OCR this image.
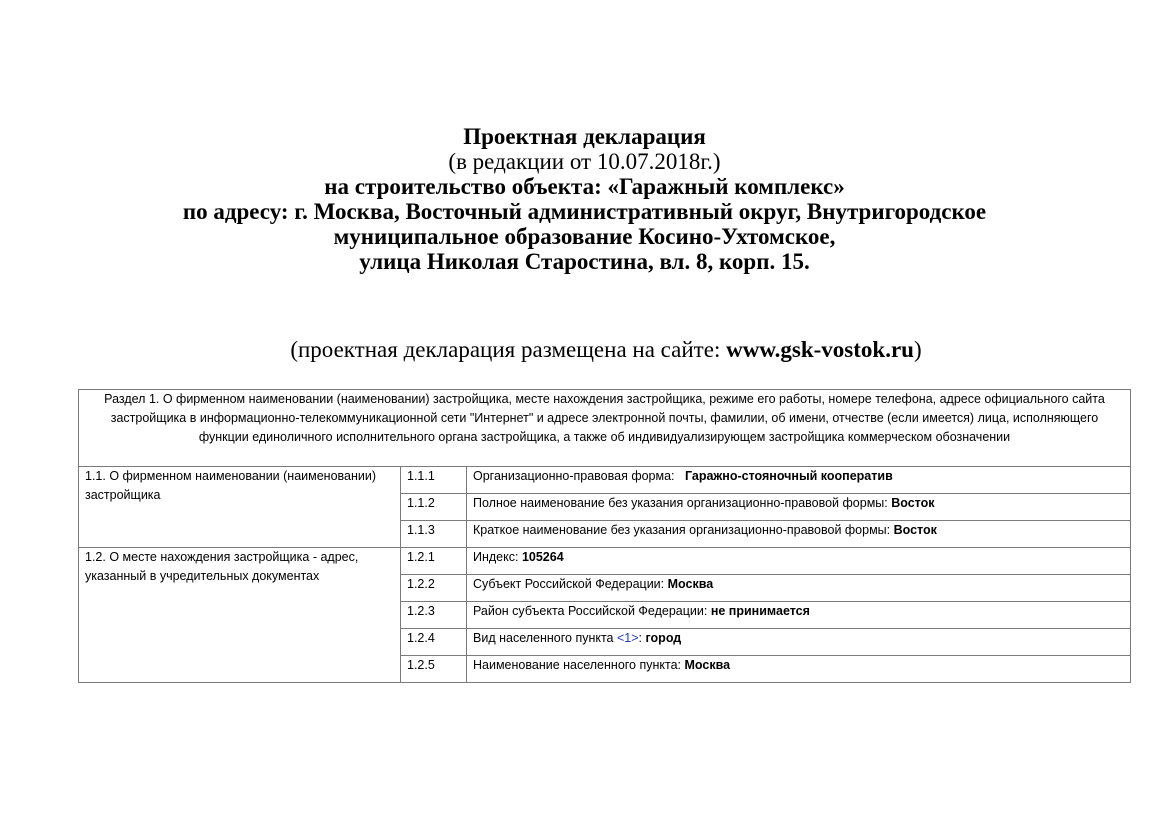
Проектная декларация
(в редакции от 10.07.2018г.)
на строительство объекта: «Гаражный комплекс»
по адресу: г. Москва, Восточный административный округ, Внутригородское
муниципальное образование Косино-Ухтомское,
улица Николая Старостина, вл. 8, корп. 15.
(проектная декларация размещена на сайте: www.gsk-vostok.ru)
Раздел 1. О фирменном наименовании (наименовании) застройщика, месте нахождения застройщика, режиме его работы, номере телефона, адресе официального сайта застройщика в информационно-телекоммуникационной сети "Интернет" и адресе электронной почты, фамилии, об имени, отчестве (если имеется) лица, исполняющего функции единоличного исполнительного органа застройщика, а также об индивидуализирующем застройщика коммерческом обозначении		
1.1. О фирменном наименовании (наименовании) застройщика	1.1.1	Организационно-правовая форма:   Гаражно-стояночный кооператив
	1.1.2	Полное наименование без указания организационно-правовой формы: Восток
	1.1.3	Краткое наименование без указания организационно-правовой формы: Восток
1.2. О месте нахождения застройщика - адрес, указанный в учредительных документах	1.2.1	Индекс: 105264
	1.2.2	Субъект Российской Федерации: Москва
	1.2.3	Район субъекта Российской Федерации: не принимается
	1.2.4	Вид населенного пункта <1>: город
	1.2.5	Наименование населенного пункта: Москва
